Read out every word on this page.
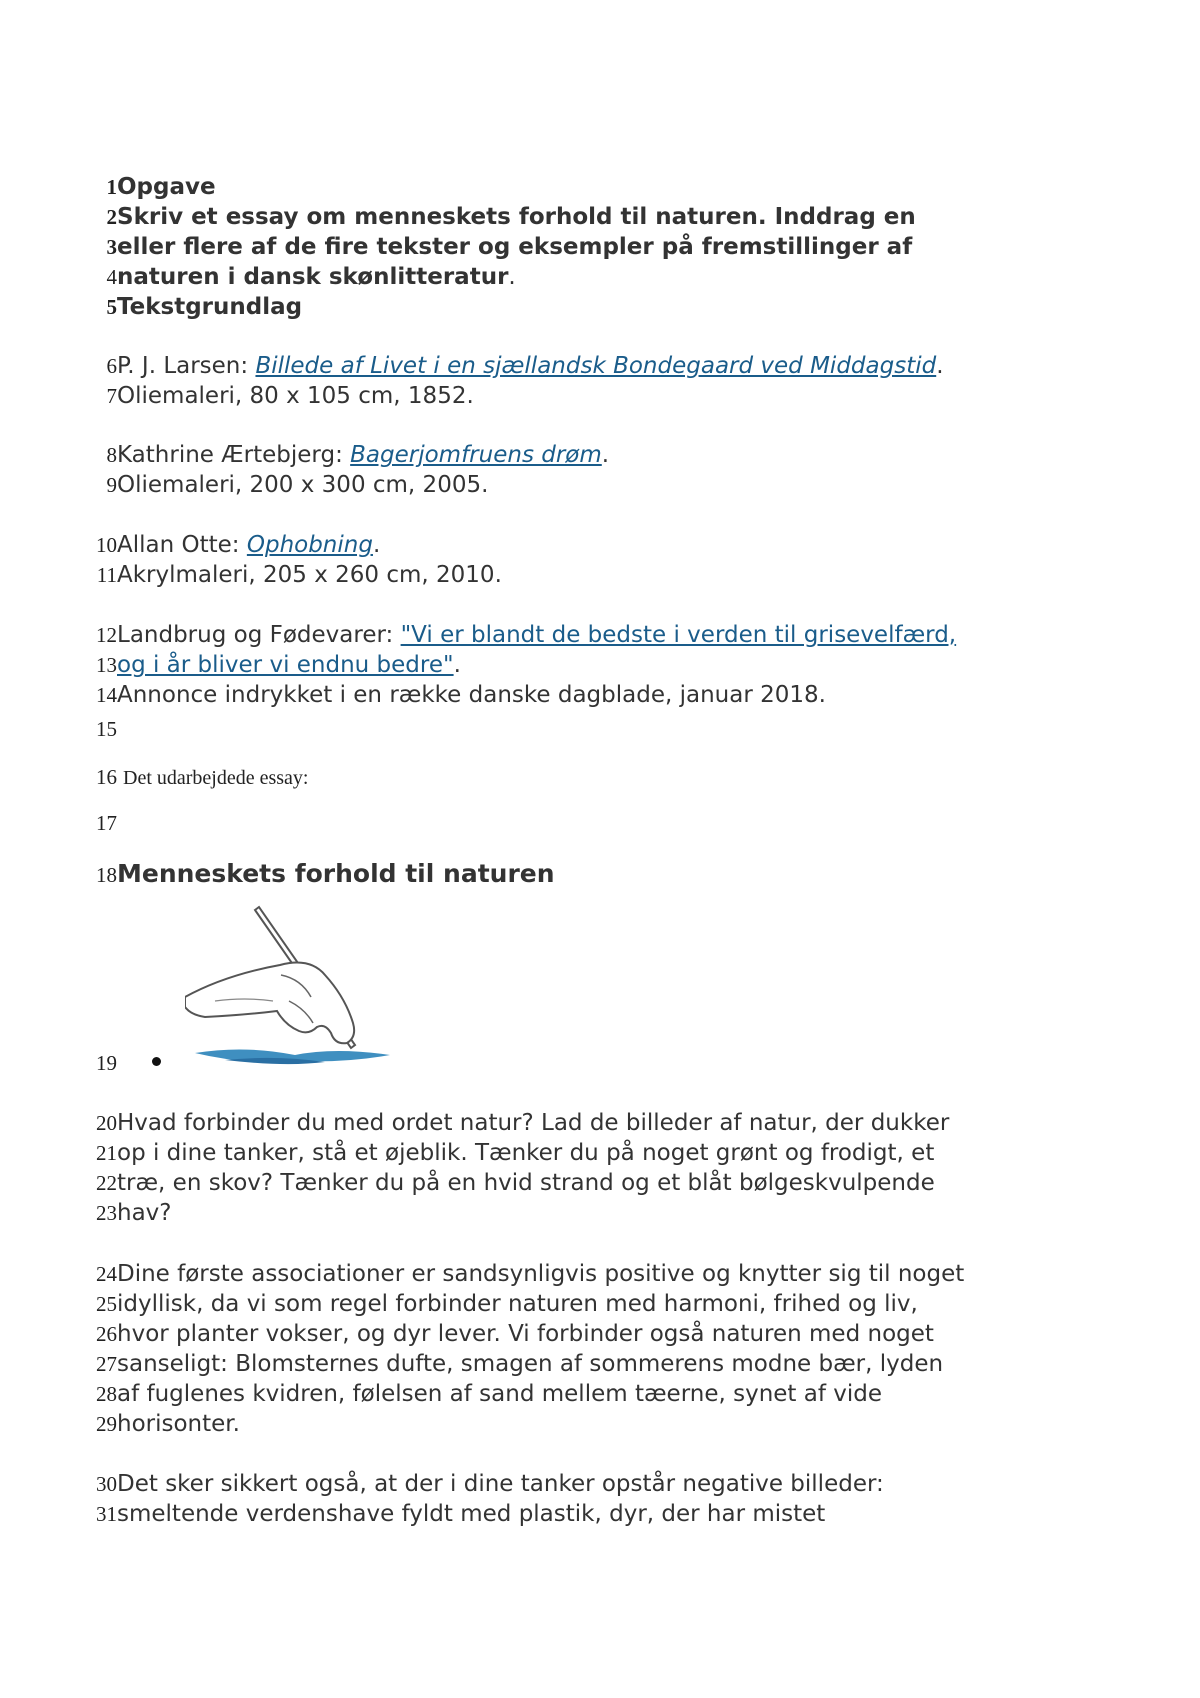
1Opgave
2Skriv et essay om menneskets forhold til naturen. Inddrag en
3eller flere af de fire tekster og eksempler på fremstillinger af
4naturen i dansk skønlitteratur.
5Tekstgrundlag
6P. J. Larsen: Billede af Livet i en sjællandsk Bondegaard ved Middagstid.
7Oliemaleri, 80 x 105 cm, 1852.
8Kathrine Ærtebjerg: Bagerjomfruens drøm.
9Oliemaleri, 200 x 300 cm, 2005.
10Allan Otte: Ophobning.
11Akrylmaleri, 205 x 260 cm, 2010.
12Landbrug og Fødevarer: "Vi er blandt de bedste i verden til grisevelfærd,
13og i år bliver vi endnu bedre".
14Annonce indrykket i en række danske dagblade, januar 2018.
15
16 Det udarbejdede essay:
17
18Menneskets forhold til naturen
19
20Hvad forbinder du med ordet natur? Lad de billeder af natur, der dukker
21op i dine tanker, stå et øjeblik. Tænker du på noget grønt og frodigt, et
22træ, en skov? Tænker du på en hvid strand og et blåt bølgeskvulpende
23hav?
24Dine første associationer er sandsynligvis positive og knytter sig til noget
25idyllisk, da vi som regel forbinder naturen med harmoni, frihed og liv,
26hvor planter vokser, og dyr lever. Vi forbinder også naturen med noget
27sanseligt: Blomsternes dufte, smagen af sommerens modne bær, lyden
28af fuglenes kvidren, følelsen af sand mellem tæerne, synet af vide
29horisonter.
30Det sker sikkert også, at der i dine tanker opstår negative billeder:
31smeltende verdenshave fyldt med plastik, dyr, der har mistet
